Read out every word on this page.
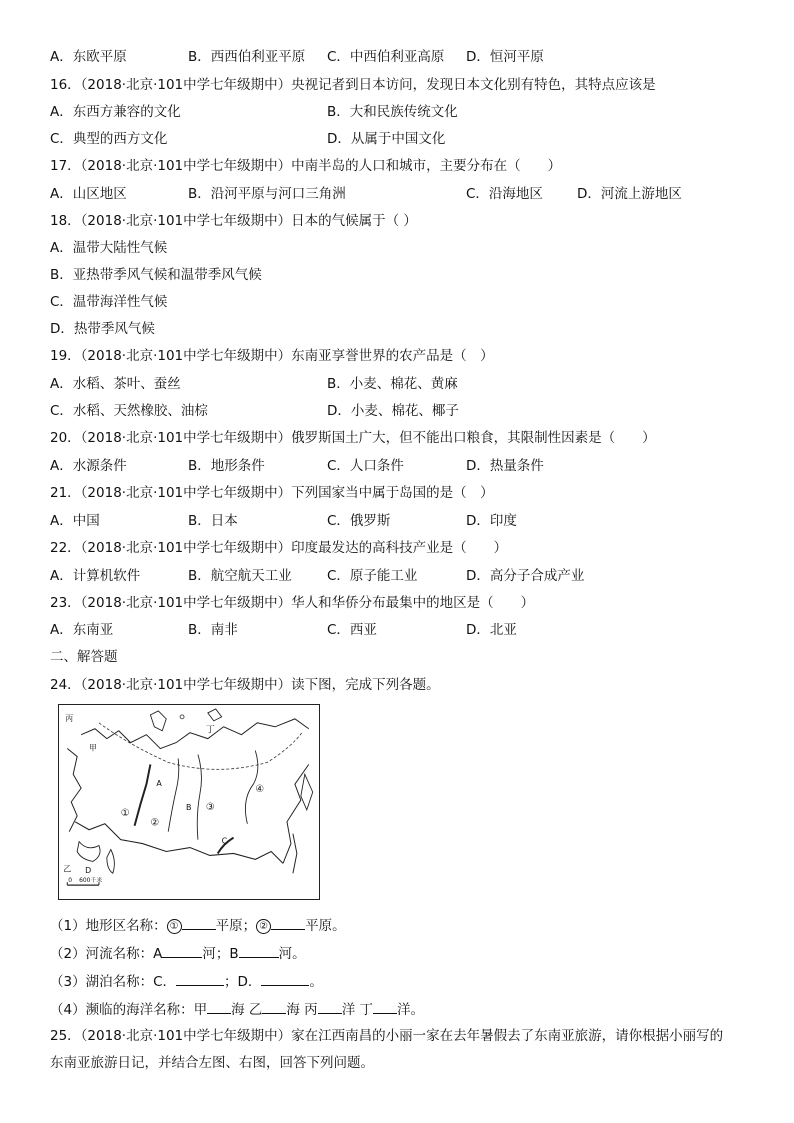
A．东欧平原	B．西西伯利亚平原 C．中西伯利亚高原 D．恒河平原
16．（2018·北京·101中学七年级期中）央视记者到日本访问，发现日本文化别有特色，其特点应该是
A．东西方兼容的文化	B．大和民族传统文化
C．典型的西方文化	D．从属于中国文化
17．（2018·北京·101中学七年级期中）中南半岛的人口和城市，主要分布在（　　）
A．山区地区	B．沿河平原与河口三角洲	C．沿海地区	D．河流上游地区
18．（2018·北京·101中学七年级期中）日本的气候属于（ ）
A．温带大陆性气候
B．亚热带季风气候和温带季风气候
C．温带海洋性气候
D．热带季风气候
19．（2018·北京·101中学七年级期中）东南亚享誉世界的农产品是（　）
A．水稻、茶叶、蚕丝	B．小麦、棉花、黄麻
C．水稻、天然橡胶、油棕	D．小麦、棉花、椰子
20．（2018·北京·101中学七年级期中）俄罗斯国土广大，但不能出口粮食，其限制性因素是（　　）
A．水源条件	B．地形条件	C．人口条件	D．热量条件
21．（2018·北京·101中学七年级期中）下列国家当中属于岛国的是（　）
A．中国	B．日本	C．俄罗斯	D．印度
22．（2018·北京·101中学七年级期中）印度最发达的高科技产业是（　　）
A．计算机软件	B．航空航天工业	C．原子能工业	D．高分子合成产业
23．（2018·北京·101中学七年级期中）华人和华侨分布最集中的地区是（　　）
A．东南亚	B．南非	C．西亚	D．北亚
二、解答题
24．（2018·北京·101中学七年级期中）读下图，完成下列各题。
丁
丙
甲
乙
①
②
③
④
A
B
C
D
0 600千米
（1）地形区名称： ①	平原； ②	平原。
（2）河流名称：A	河；B	河。
（3）湖泊名称：C．	；D．	。
（4）濒临的海洋名称：甲 海 乙 海 丙 洋 丁 洋。
25．（2018·北京·101中学七年级期中）家在江西南昌的小丽一家在去年暑假去了东南亚旅游，请你根据小丽写的
东南亚旅游日记，并结合左图、右图，回答下列问题。
